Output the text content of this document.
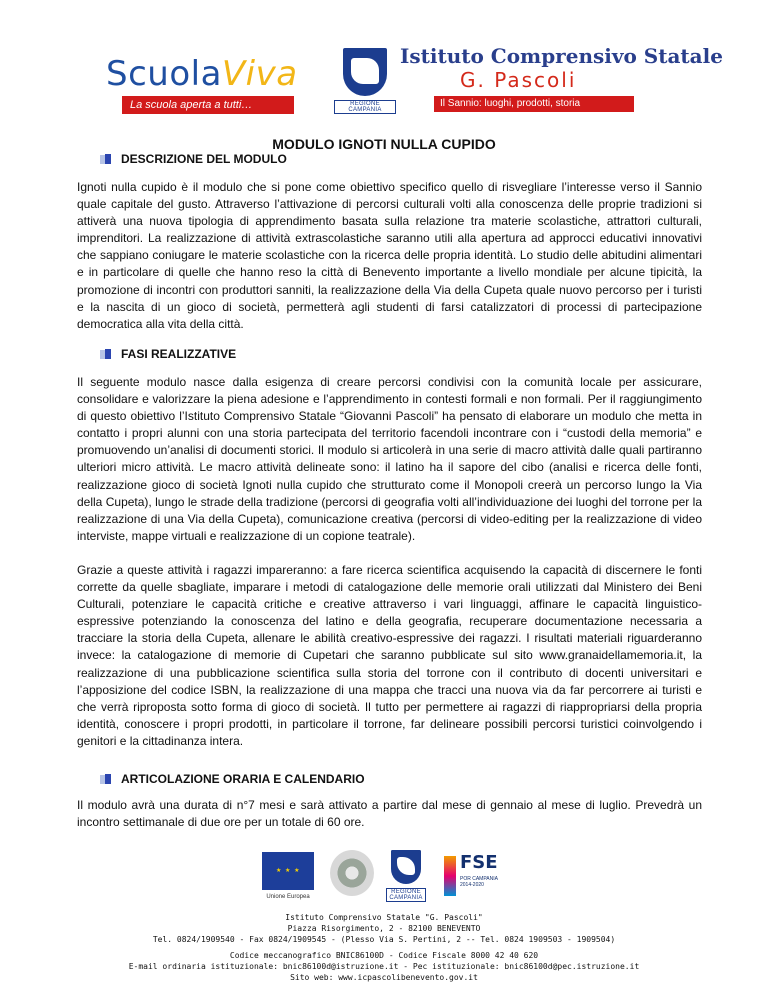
ScuolaViva
La scuola aperta a tutti…	REGIONE CAMPANIA
Istituto Comprensivo Statale
G. Pascoli
Il Sannio: luoghi, prodotti, storia
MODULO IGNOTI NULLA CUPIDO
DESCRIZIONE DEL MODULO

Ignoti nulla cupido è il modulo che si pone come obiettivo specifico quello di risvegliare l’interesse verso il Sannio quale capitale del gusto. Attraverso l’attivazione di percorsi culturali volti alla conoscenza delle proprie tradizioni si attiverà una nuova tipologia di apprendimento basata sulla relazione tra materie scolastiche, attrattori culturali, imprenditori. La realizzazione di attività extrascolastiche saranno utili alla apertura ad approcci educativi innovativi che sappiano coniugare le materie scolastiche con la ricerca delle propria identità. Lo studio delle abitudini alimentari e in particolare di quelle che hanno reso la città di Benevento importante a livello mondiale per alcune tipicità, la promozione di incontri con produttori sanniti, la realizzazione della Via della Cupeta quale nuovo percorso per i turisti e la nascita di un gioco di società, permetterà agli studenti di farsi catalizzatori di processi di partecipazione democratica alla vita della città.

FASI REALIZZATIVE

Il seguente modulo nasce dalla esigenza di creare percorsi condivisi con la comunità locale per assicurare, consolidare e valorizzare la piena adesione e l’apprendimento in contesti formali e non formali. Per il raggiungimento di questo obiettivo l’Istituto Comprensivo Statale “Giovanni Pascoli” ha pensato di elaborare un modulo che metta in contatto i propri alunni con una storia partecipata del territorio facendoli incontrare con i “custodi della memoria” e promuovendo un’analisi di documenti storici. Il modulo si articolerà in una serie di macro attività dalle quali partiranno ulteriori micro attività. Le macro attività delineate sono: il latino ha il sapore del cibo (analisi e ricerca delle fonti, realizzazione gioco di società Ignoti nulla cupido che strutturato come il Monopoli creerà un percorso lungo la Via della Cupeta), lungo le strade della tradizione (percorsi di geografia volti all’individuazione dei luoghi del torrone per la realizzazione di una Via della Cupeta), comunicazione creativa (percorsi di video-editing per la realizzazione di video interviste, mappe virtuali e realizzazione di un copione teatrale).

Grazie a queste attività i ragazzi impareranno: a fare ricerca scientifica acquisendo la capacità di discernere le fonti corrette da quelle sbagliate, imparare i metodi di catalogazione delle memorie orali utilizzati dal Ministero dei Beni Culturali, potenziare le capacità critiche e creative attraverso i vari linguaggi, affinare le capacità linguistico-espressive potenziando la conoscenza del latino e della geografia, recuperare documentazione necessaria a tracciare la storia della Cupeta, allenare le abilità creativo-espressive dei ragazzi. I risultati materiali riguarderanno invece: la catalogazione di memorie di Cupetari che saranno pubblicate sul sito www.granaidellamemoria.it, la realizzazione di una pubblicazione scientifica sulla storia del torrone con il contributo di docenti universitari e l’apposizione del codice ISBN, la realizzazione di una mappa che tracci una nuova via da far percorrere ai turisti e che verrà riproposta sotto forma di gioco di società. Il tutto per permettere ai ragazzi di riappropriarsi della propria identità, conoscere i propri prodotti, in particolare il torrone, far delineare possibili percorsi turistici coinvolgendo i genitori e la cittadinanza intera.

ARTICOLAZIONE ORARIA E CALENDARIO

Il modulo avrà una durata di n°7 mesi e sarà attivato a partire dal mese di gennaio al mese di luglio. Prevedrà un incontro settimanale di due ore per un totale di 60 ore.

★ ★ ★
Unione Europea
REGIONE CAMPANIA
FSE
POR CAMPANIA 2014-2020
Istituto Comprensivo Statale "G. Pascoli"
Piazza Risorgimento, 2 - 82100 BENEVENTO
Tel. 0824/1909540 - Fax 0824/1909545 - (Plesso Via S. Pertini, 2 -- Tel. 0824 1909503 - 1909504)
Codice meccanografico BNIC86100D - Codice Fiscale 8000 42 40 620
E-mail ordinaria istituzionale: bnic86100d@istruzione.it - Pec istituzionale: bnic86100d@pec.istruzione.it
Sito web: www.icpascolibenevento.gov.it
